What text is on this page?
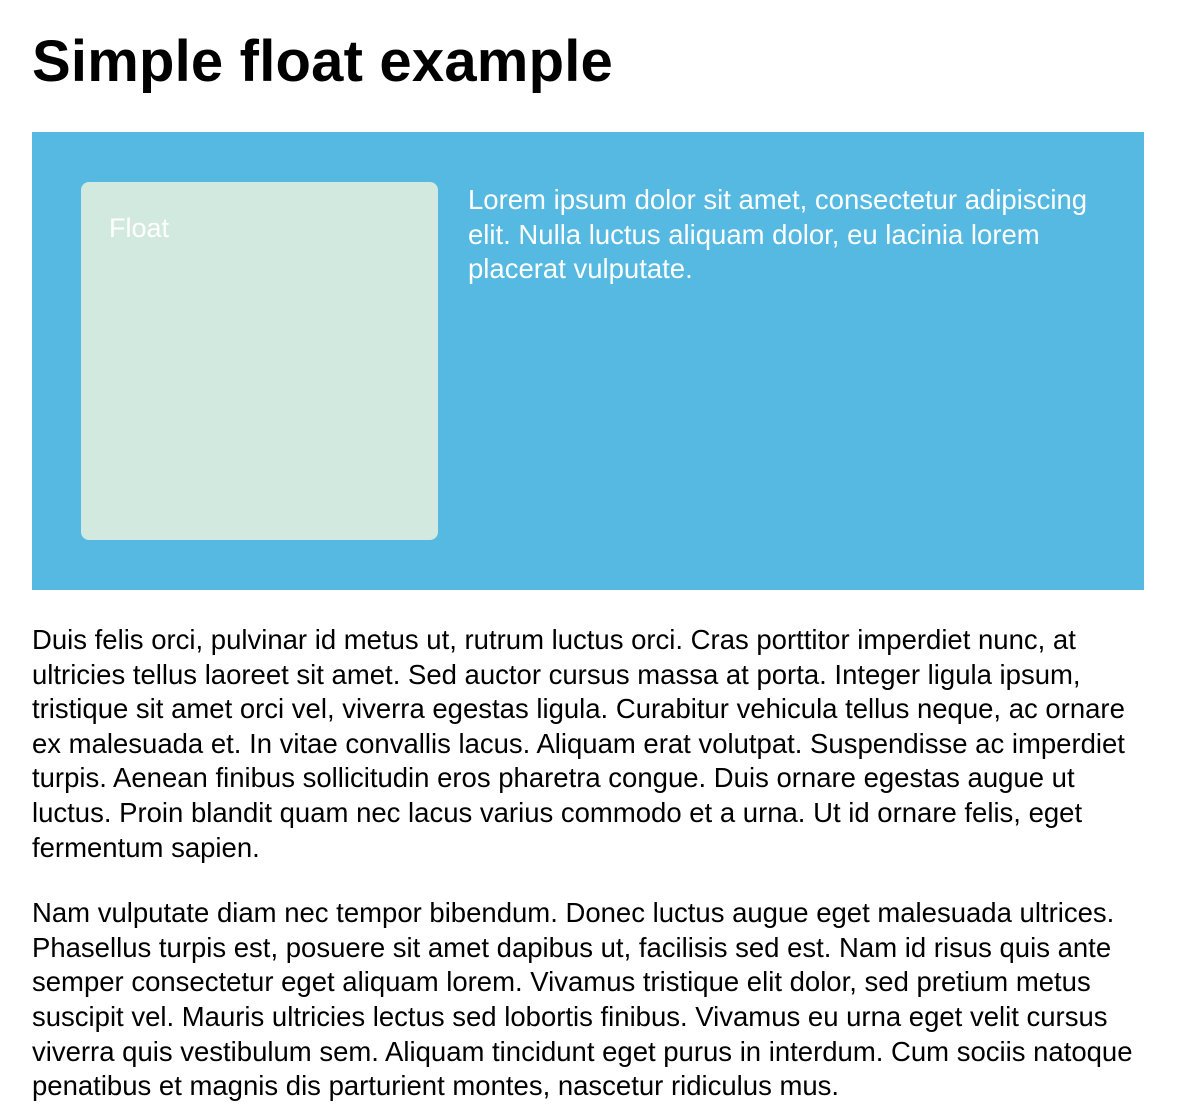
Simple float example
Float

Lorem ipsum dolor sit amet, consectetur adipiscing elit. Nulla luctus aliquam dolor, eu lacinia lorem placerat vulputate.

Duis felis orci, pulvinar id metus ut, rutrum luctus orci. Cras porttitor imperdiet nunc, at ultricies tellus laoreet sit amet. Sed auctor cursus massa at porta. Integer ligula ipsum, tristique sit amet orci vel, viverra egestas ligula. Curabitur vehicula tellus neque, ac ornare ex malesuada et. In vitae convallis lacus. Aliquam erat volutpat. Suspendisse ac imperdiet turpis. Aenean finibus sollicitudin eros pharetra congue. Duis ornare egestas augue ut luctus. Proin blandit quam nec lacus varius commodo et a urna. Ut id ornare felis, eget fermentum sapien.

Nam vulputate diam nec tempor bibendum. Donec luctus augue eget malesuada ultrices. Phasellus turpis est, posuere sit amet dapibus ut, facilisis sed est. Nam id risus quis ante semper consectetur eget aliquam lorem. Vivamus tristique elit dolor, sed pretium metus suscipit vel. Mauris ultricies lectus sed lobortis finibus. Vivamus eu urna eget velit cursus viverra quis vestibulum sem. Aliquam tincidunt eget purus in interdum. Cum sociis natoque penatibus et magnis dis parturient montes, nascetur ridiculus mus.
